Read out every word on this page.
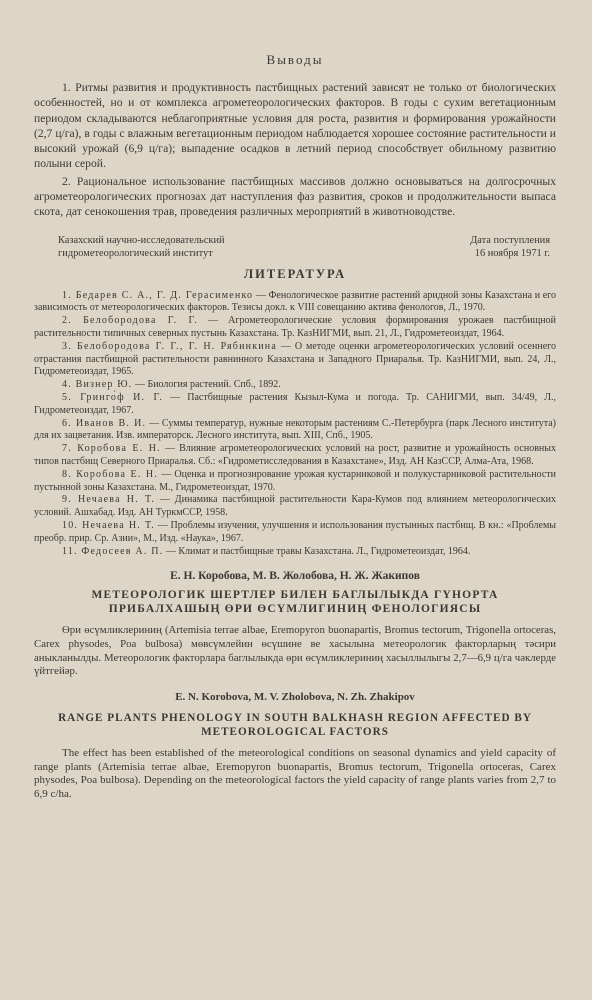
Выводы

1. Ритмы развития и продуктивность пастбищных растений зависят не только от биологических особенностей, но и от комплекса агрометеорологических факторов. В годы с сухим вегетационным периодом складываются неблагоприятные условия для роста, развития и формирования урожайности (2,7 ц/га), в годы с влажным вегетационным периодом наблюдается хорошее состояние растительности и высокий урожай (6,9 ц/га); выпадение осадков в летний период способствует обильному развитию полыни серой.

2. Рациональное использование пастбищных массивов должно основываться на долгосрочных агрометеорологических прогнозах дат наступления фаз развития, сроков и продолжительности выпаса скота, дат сенокошения трав, проведения различных мероприятий в животноводстве.

Казахский научно-исследовательский
гидрометеорологический институт
Дата поступления
16 ноября 1971 г.
ЛИТЕРАТУРА

1. Бедарев С. А., Г. Д. Герасименко — Фенологическое развитие растений аридной зоны Казахстана и его зависимость от метеорологических факторов. Тезисы докл. к VIII совещанию актива фенологов, Л., 1970.

2. Белобородова Г. Г. — Агрометеорологические условия формирования урожаев пастбищной растительности типичных северных пустынь Казахстана. Тр. КазНИГМИ, вып. 21, Л., Гидрометеоиздат, 1964.

3. Белобородова Г. Г., Г. Н. Рябинкина — О методе оценки агрометеорологических условий осеннего отрастания пастбищной растительности равнинного Казахстана и Западного Приaралья. Тр. КазНИГМИ, вып. 24, Л., Гидрометеоиздат, 1965.

4. Визнер Ю. — Биология растений. Спб., 1892.

5. Гринго́ф И. Г. — Пастбищные растения Кызыл-Кума и погода. Тр. САНИГМИ, вып. 34/49, Л., Гидрометеоиздат, 1967.

6. Иванов В. И. — Суммы температур, нужные некоторым растениям С.-Петербурга (парк Лесного института) для их зацветания. Изв. императорск. Лесного института, вып. XIII, Спб., 1905.

7. Коробова Е. Н. — Влияние агрометеорологических условий на рост, развитие и урожайность основных типов пастбищ Северного Приаралья. Сб.: «Гидрометисследования в Казахстане», Изд. АН КазССР, Алма-Ата, 1968.

8. Коробова Е. Н. — Оценка и прогнозирование урожая кустарниковой и полукустарниковой растительности пустынной зоны Казахстана. М., Гидрометеоиздат, 1970.

9. Нечаева Н. Т. — Динамика пастбищной растительности Кара-Кумов под влиянием метеорологических условий. Ашхабад. Изд. АН ТуркмССР, 1958.

10. Нечаева Н. Т. — Проблемы изучения, улучшения и использования пустынных пастбищ. В кн.: «Проблемы преобр. прир. Ср. Азии», М., Изд. «Наука», 1967.

11. Федосеев А. П. — Климат и пастбищные травы Казахстана. Л., Гидрометеоиздат, 1964.

Е. Н. Коробова, М. В. Жолобова, Н. Ж. Жакипов
МЕТЕОРОЛОГИК ШЕРТЛЕР БИЛЕН БАГЛЫЛЫКДА ГҮНОРТА ПРИБАЛХАШЫҢ ӨРИ ӨСҮМЛИГИНИҢ ФЕНОЛОГИЯСЫ

Өри өсүмликлериниң (Artemisia terrae albae, Eremopyron buonapartis, Bromus tectorum, Trigonella ortoceras, Carex physodes, Poa bulbosa) мөвсүмлейин өсүшине ве хасылына метеорологик факторларың тәсири аныкланылды. Метеорологик факторлара баглылыкда өри өсүмликлериниң хасыллылыгы 2,7—6,9 ц/га чәклерде үйтгейәр.

E. N. Korobova, M. V. Zholobova, N. Zh. Zhakipov
RANGE PLANTS PHENOLOGY IN SOUTH BALKHASH REGION AFFECTED BY METEOROLOGICAL FACTORS

The effect has been established of the meteorological conditions on seasonal dynamics and yield capacity of range plants (Artemisia terrae albae, Eremopyron buonapartis, Bromus tectorum, Trigonella ortoceras, Carex physodes, Poa bulbosa). Depending on the meteorological factors the yield capacity of range plants varies from 2,7 to 6,9 c/ha.
